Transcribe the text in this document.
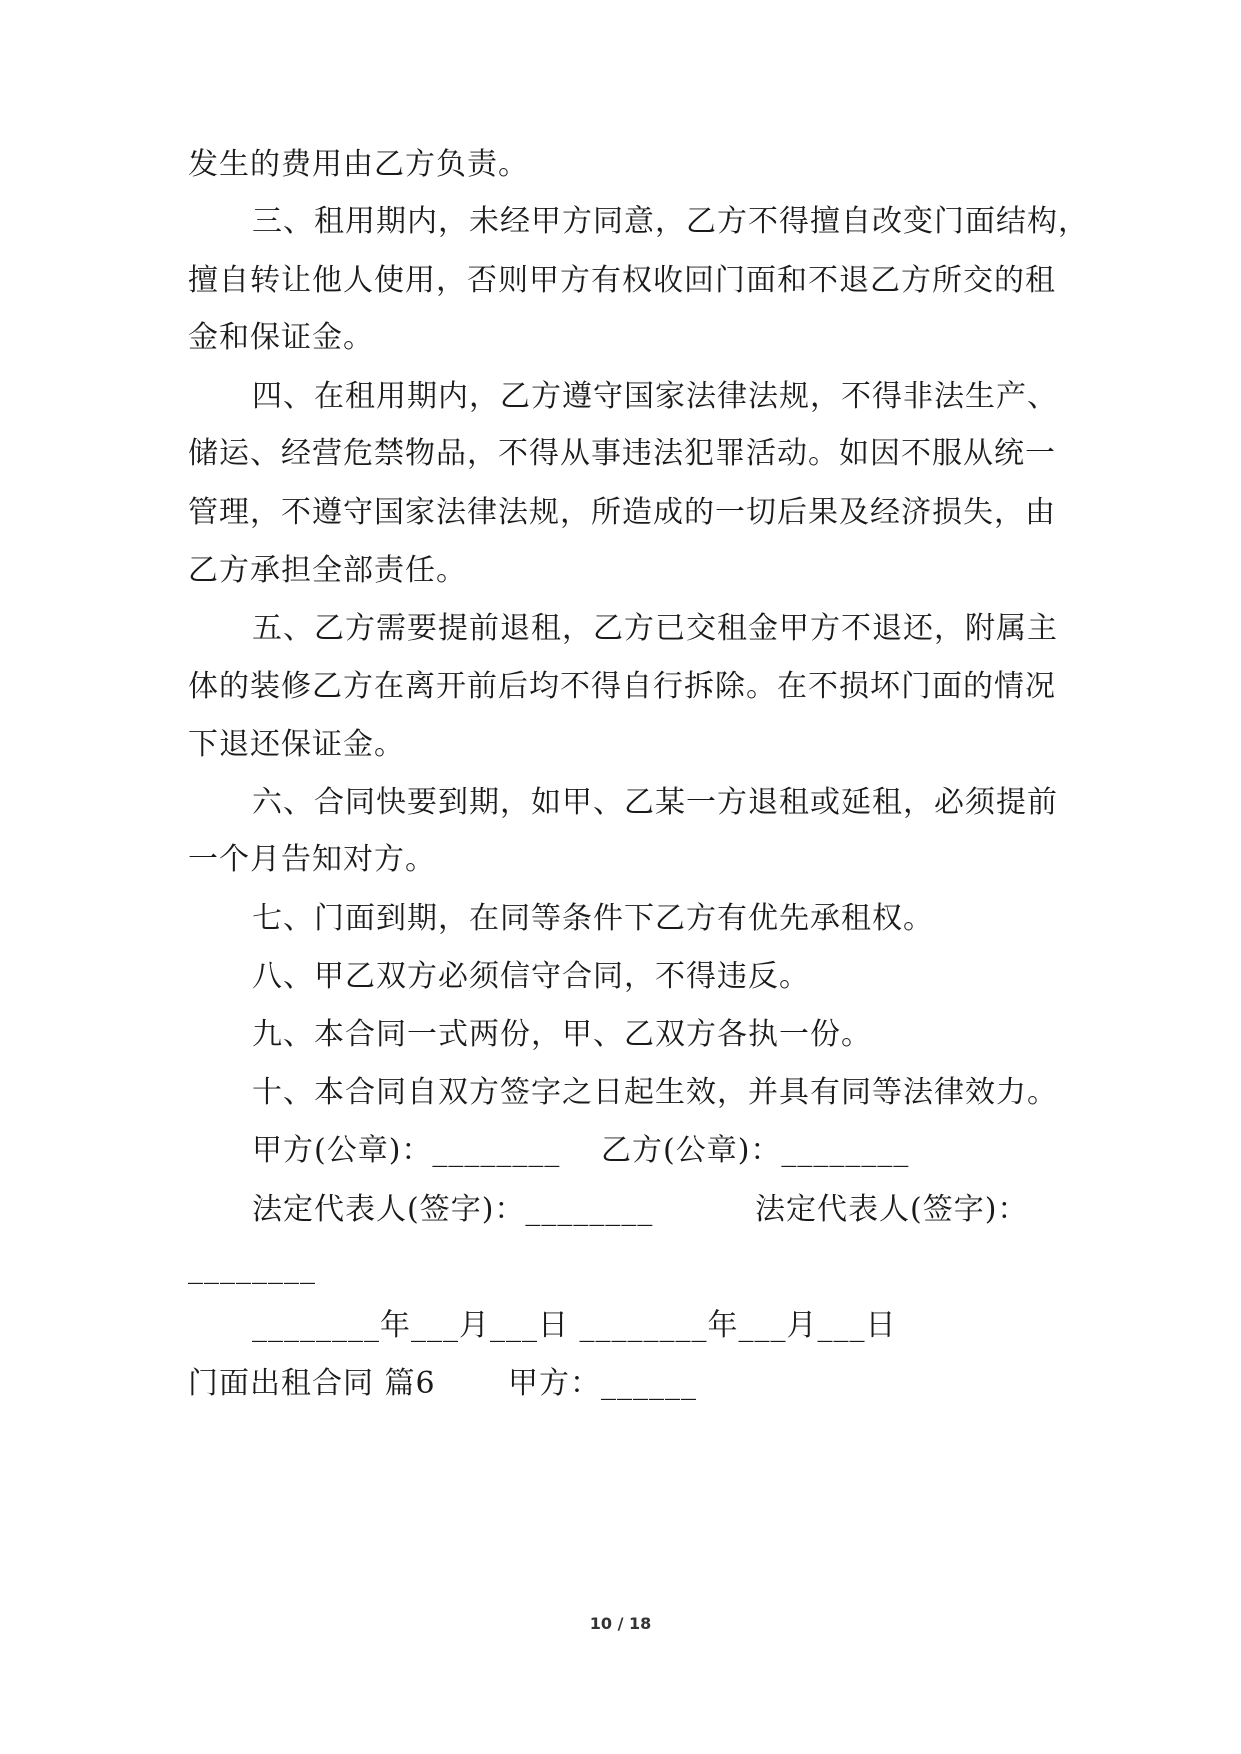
发生的费用由乙方负责。
三、租用期内，未经甲方同意，乙方不得擅自改变门面结构，
擅自转让他人使用，否则甲方有权收回门面和不退乙方所交的租
金和保证金。
四、在租用期内，乙方遵守国家法律法规，不得非法生产、
储运、经营危禁物品，不得从事违法犯罪活动。如因不服从统一
管理，不遵守国家法律法规，所造成的一切后果及经济损失，由
乙方承担全部责任。
五、乙方需要提前退租，乙方已交租金甲方不退还，附属主
体的装修乙方在离开前后均不得自行拆除。在不损坏门面的情况
下退还保证金。
六、合同快要到期，如甲、乙某一方退租或延租，必须提前
一个月告知对方。
七、门面到期，在同等条件下乙方有优先承租权。
八、甲乙双方必须信守合同，不得违反。
九、本合同一式两份，甲、乙双方各执一份。
十、本合同自双方签字之日起生效，并具有同等法律效力。
甲方(公章)：________ 乙方(公章)：________
法定代表人(签字)：________	法定代表人(签字)：
________
________年___月___日 ________年___月___日
门面出租合同 篇6 甲方：______
10 / 18
